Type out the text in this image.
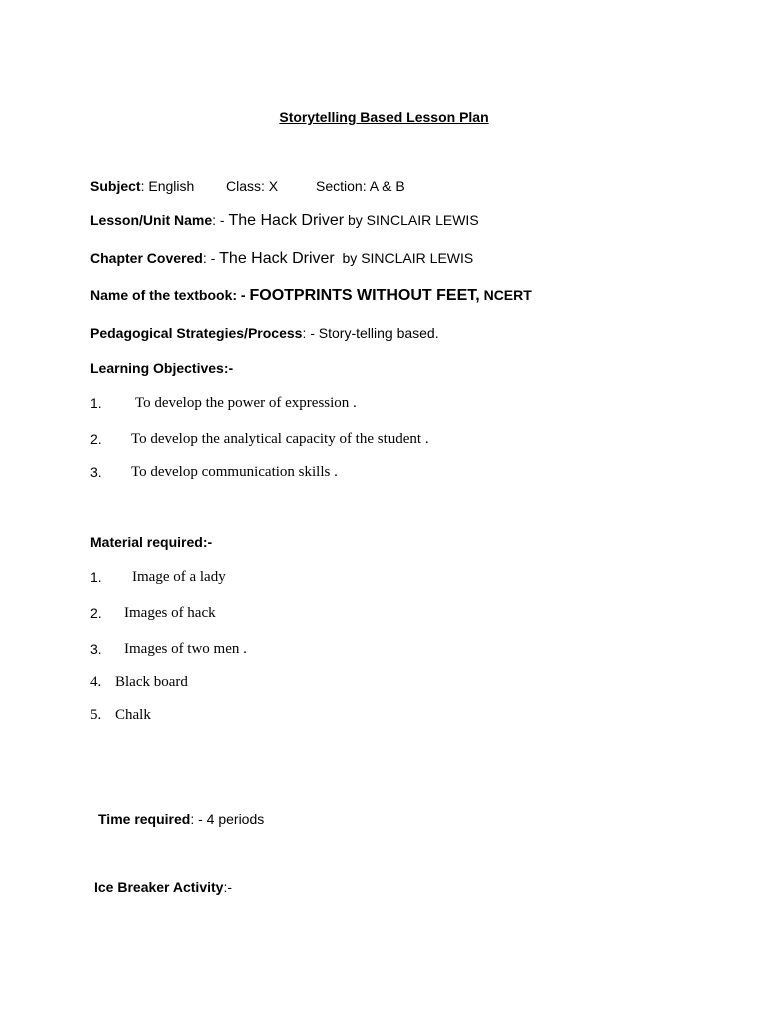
Storytelling Based Lesson Plan
Subject: English Class: X	Section: A & B
Lesson/Unit Name: - The Hack Driver by SINCLAIR LEWIS
Chapter Covered: - The Hack Driver  by SINCLAIR LEWIS
Name of the textbook: - FOOTPRINTS WITHOUT FEET, NCERT
Pedagogical Strategies/Process: - Story-telling based.
Learning Objectives:-
1. To develop the power of expression .
2. To develop the analytical capacity of the student .
3. To develop communication skills .
Material required:-
1. Image of a lady
2. Images of hack
3. Images of two men .
4. Black board
5. Chalk
Time required: - 4 periods
Ice Breaker Activity:-
